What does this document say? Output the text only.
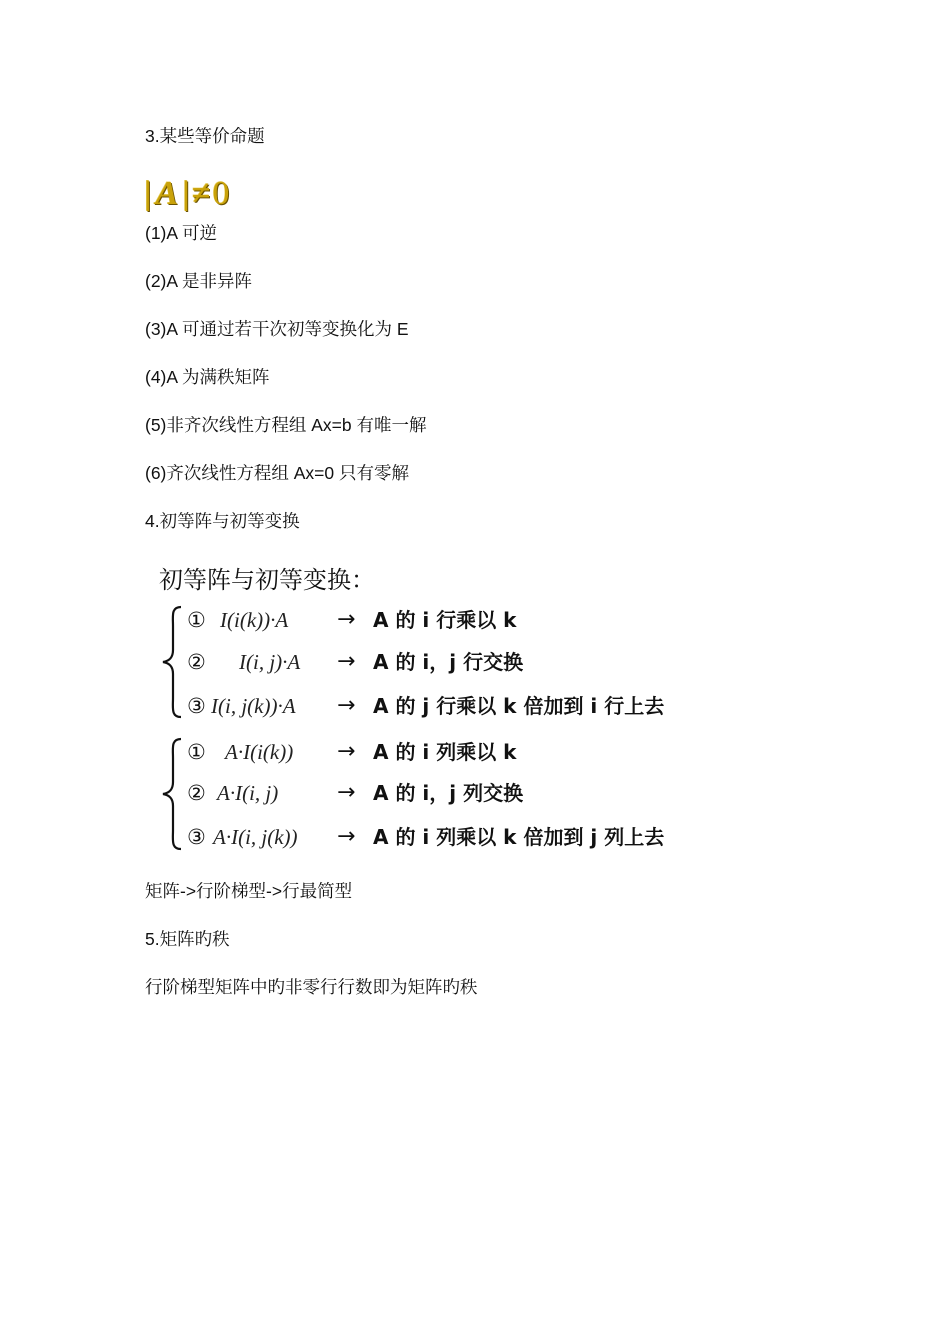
3.某些等价命题
| A |≠0
(1)A 可逆
(2)A 是非异阵
(3)A 可通过若干次初等变换化为 E
(4)A 为满秩矩阵
(5)非齐次线性方程组 Ax=b 有唯一解
(6)齐次线性方程组 Ax=0 只有零解
4.初等阵与初等变换
初等阵与初等变换：
① I(i(k))·A → A 的 i 行乘以 k
② I(i, j)·A → A 的 i，j 行交换
③ I(i, j(k))·A → A 的 j 行乘以 k 倍加到 i 行上去
① A·I(i(k)) → A 的 i 列乘以 k
② A·I(i, j)	→ A 的 i，j 列交换
③ A·I(i, j(k)) → A 的 i 列乘以 k 倍加到 j 列上去
矩阵->行阶梯型->行最简型
5.矩阵旳秩
行阶梯型矩阵中旳非零行行数即为矩阵旳秩
